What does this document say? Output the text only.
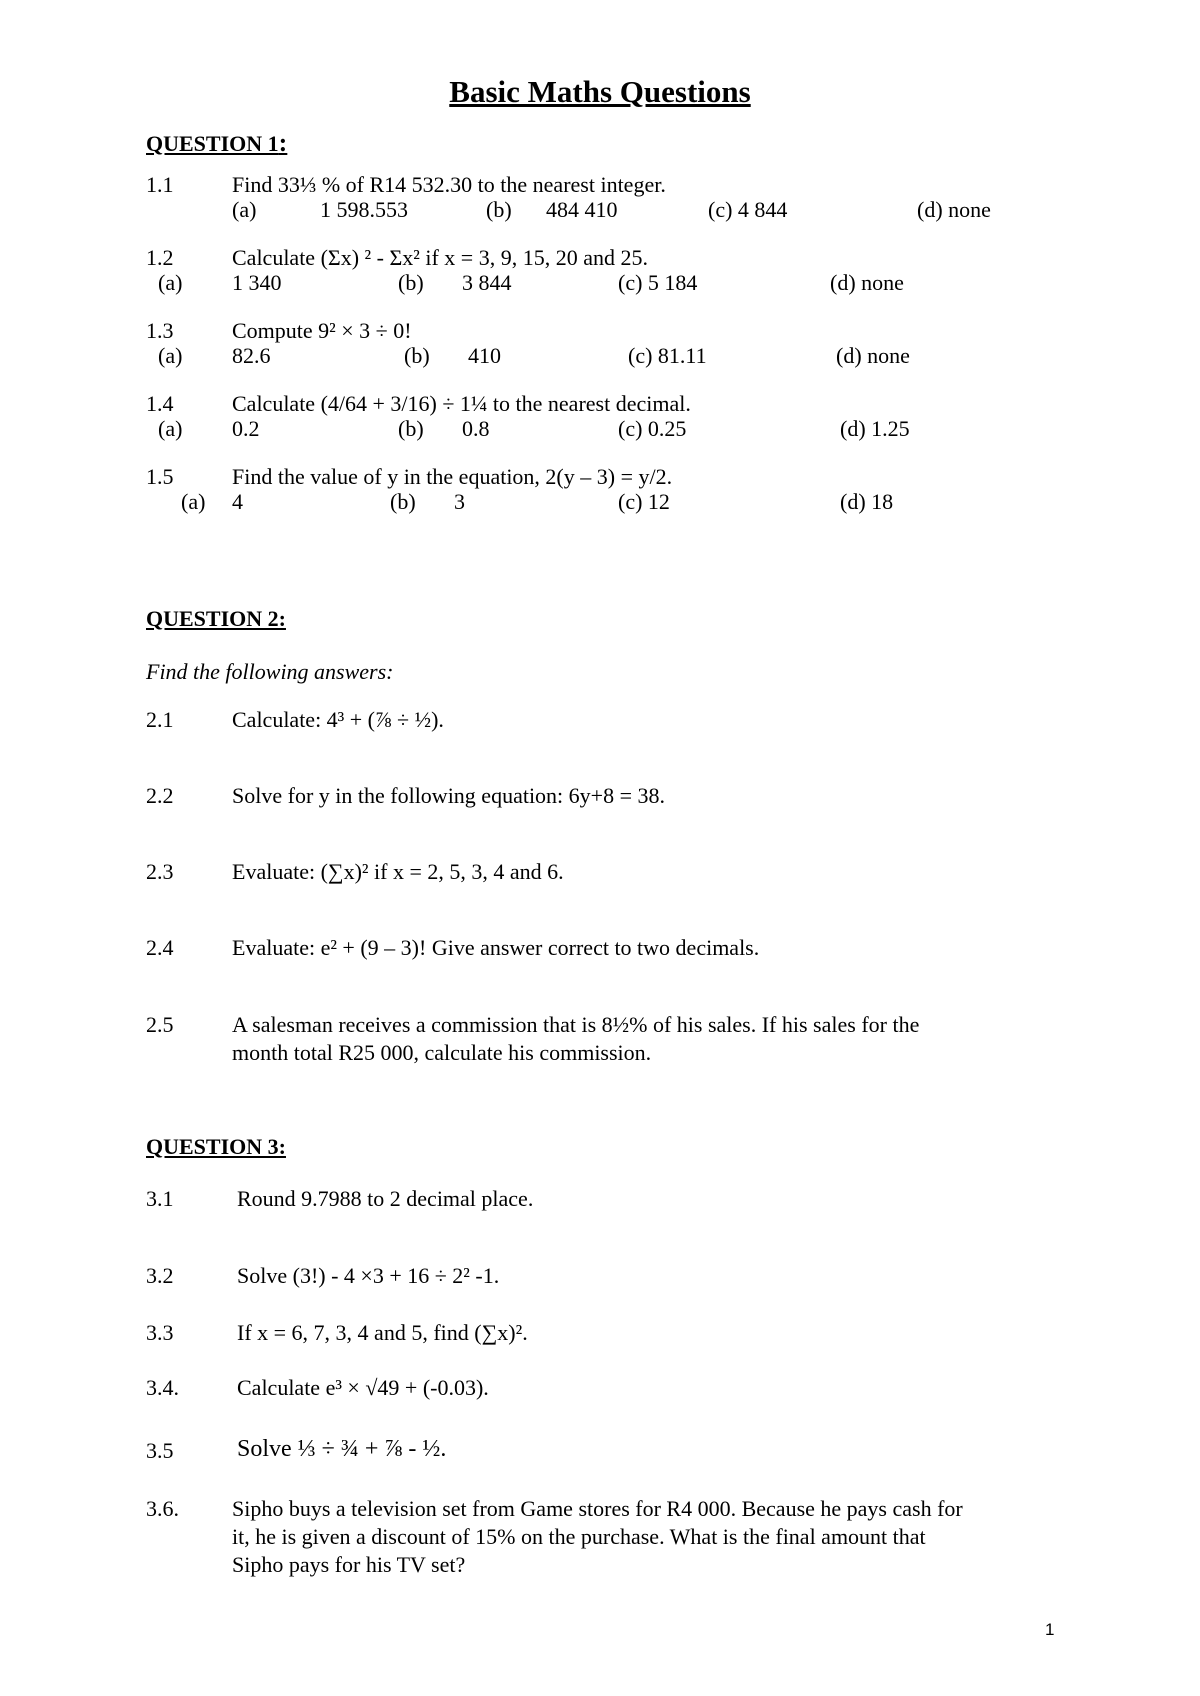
Basic Maths Questions
QUESTION 1:
1.1	Find 33⅓ % of R14 532.30 to the nearest integer.
(a)	1 598.553	(b) 484 410	(c) 4 844	(d) none
1.2	Calculate (Σx) ² - Σx² if x = 3, 9, 15, 20 and 25.
(a) 1 340	(b) 3 844	(c) 5 184	(d) none
1.3	Compute 9² × 3 ÷ 0!
(a) 82.6	(b) 410	(c) 81.11	(d) none
1.4	Calculate (4/64 + 3/16) ÷ 1¼ to the nearest decimal.
(a) 0.2	(b) 0.8	(c) 0.25	(d) 1.25
1.5	Find the value of y in the equation, 2(y – 3) = y/2.
(a) 4	(b) 3	(c) 12	(d) 18
QUESTION 2:
Find the following answers:
2.1	Calculate: 4³ + (⅞ ÷ ½).
2.2	Solve for y in the following equation: 6y+8 = 38.
2.3	Evaluate: (∑x)² if x = 2, 5, 3, 4 and 6.
2.4	Evaluate: e² + (9 – 3)! Give answer correct to two decimals.
2.5	A salesman receives a commission that is 8½% of his sales. If his sales for the
month total R25 000, calculate his commission.
QUESTION 3:
3.1	Round 9.7988 to 2 decimal place.
3.2	Solve (3!) - 4 ×3 + 16 ÷ 2² -1.
3.3	If x = 6, 7, 3, 4 and 5, find (∑x)².
3.4.	Calculate e³ × √49 + (-0.03).
3.5	Solve ⅓ ÷ ¾ + ⅞ - ½.
3.6. Sipho buys a television set from Game stores for R4 000. Because he pays cash for
it, he is given a discount of 15% on the purchase. What is the final amount that
Sipho pays for his TV set?
1
